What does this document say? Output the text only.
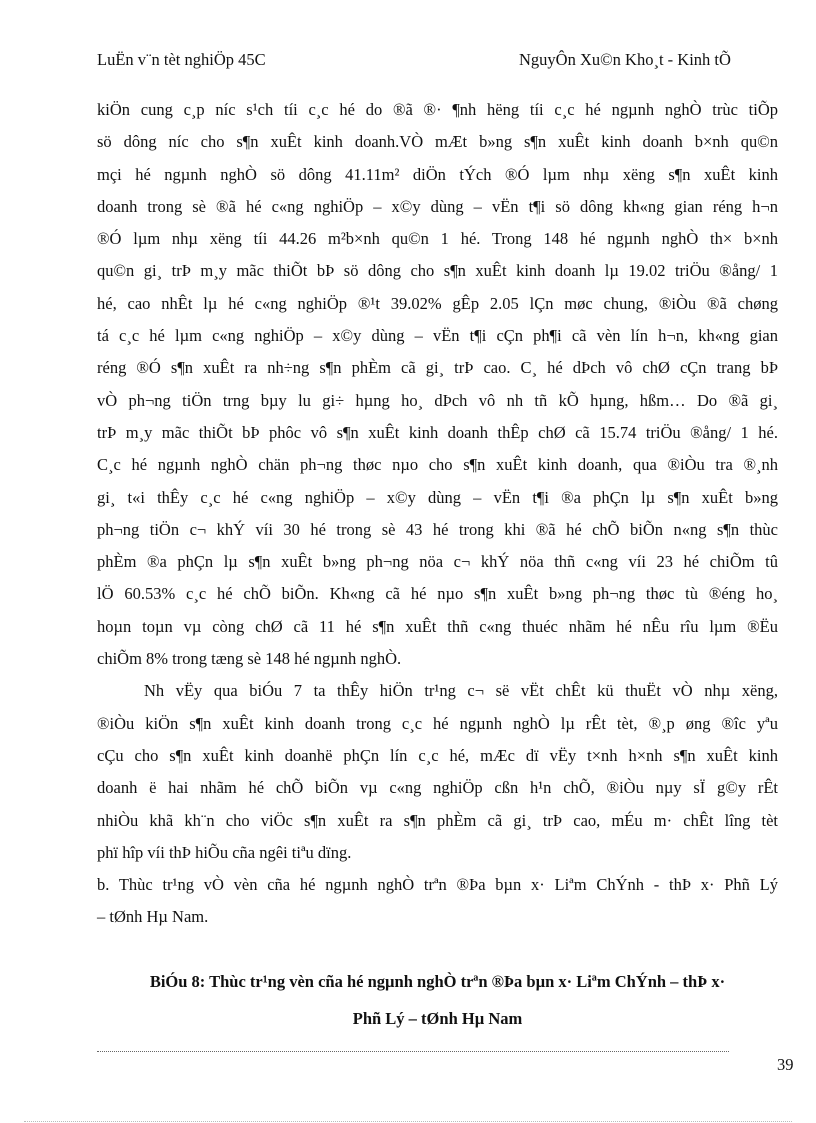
LuËn v¨n tèt nghiÖp 45C	NguyÔn Xu©n Kho¸t - Kinh tÕ

kiÖn cung c¸p níc s¹ch tíi c¸c hé do ®ã ®· ¶nh hëng tíi c¸c hé ngµnh nghÒ trùc tiÕp
sö dông níc cho s¶n xuÊt kinh doanh.VÒ mÆt b»ng s¶n xuÊt kinh doanh b×nh qu©n
mçi hé ngµnh nghÒ sö dông 41.11m² diÖn tÝch ®Ó lµm nhµ xëng s¶n xuÊt kinh
doanh trong sè ®ã hé c«ng nghiÖp – x©y dùng – vËn t¶i sö dông kh«ng gian réng h¬n
®Ó lµm nhµ xëng tíi 44.26 m²b×nh qu©n 1 hé. Trong 148 hé ngµnh nghÒ th× b×nh
qu©n gi¸ trÞ m¸y mãc thiÕt bÞ sö dông cho s¶n xuÊt kinh doanh lµ 19.02 triÖu ®ång/ 1
hé, cao nhÊt lµ hé c«ng nghiÖp ®¹t 39.02% gÊp 2.05 lÇn møc chung, ®iÒu ®ã chøng
tá c¸c hé lµm c«ng nghiÖp – x©y dùng – vËn t¶i cÇn ph¶i cã vèn lín h¬n, kh«ng gian
réng ®Ó s¶n xuÊt ra nh÷ng s¶n phÈm cã gi¸ trÞ cao. C¸ hé dÞch vô chØ cÇn trang bÞ
vÒ ph¬ng tiÖn trng bµy lu gi÷ hµng ho¸ dÞch vô nh tñ kÕ hµng, hßm… Do ®ã gi¸
trÞ m¸y mãc thiÕt bÞ phôc vô s¶n xuÊt kinh doanh thÊp chØ cã 15.74 triÖu ®ång/ 1 hé.
C¸c hé ngµnh nghÒ chän ph¬ng thøc nµo cho s¶n xuÊt kinh doanh, qua ®iÒu tra ®¸nh
gi¸ t«i thÊy c¸c hé c«ng nghiÖp – x©y dùng – vËn t¶i ®a phÇn lµ s¶n xuÊt b»ng
ph¬ng tiÖn c¬ khÝ víi 30 hé trong sè 43 hé trong khi ®ã hé chÕ biÕn n«ng s¶n thùc
phÈm ®a phÇn lµ s¶n xuÊt b»ng ph¬ng nöa c¬ khÝ nöa thñ c«ng víi 23 hé chiÕm tû
lÖ 60.53% c¸c hé chÕ biÕn. Kh«ng cã hé nµo s¶n xuÊt b»ng ph¬ng thøc tù ®éng ho¸
hoµn toµn vµ còng chØ cã 11 hé s¶n xuÊt thñ c«ng thuéc nhãm hé nÊu rîu lµm ®Ëu
chiÕm 8% trong tæng sè 148 hé ngµnh nghÒ.

Nh vËy qua biÓu 7 ta thÊy hiÖn tr¹ng c¬ së vËt chÊt kü thuËt vÒ nhµ xëng,
®iÒu kiÖn s¶n xuÊt kinh doanh trong c¸c hé ngµnh nghÒ lµ rÊt tèt, ®¸p øng ®îc yªu
cÇu cho s¶n xuÊt kinh doanhë phÇn lín c¸c hé, mÆc dï vËy t×nh h×nh s¶n xuÊt kinh
doanh ë hai nhãm hé chÕ biÕn vµ c«ng nghiÖp cßn h¹n chÕ, ®iÒu nµy sÏ g©y rÊt
nhiÒu khã kh¨n cho viÖc s¶n xuÊt ra s¶n phÈm cã gi¸ trÞ cao, mÉu m· chÊt lîng tèt
phï hîp víi thÞ hiÕu cña ngêi tiªu dïng.

b. Thùc tr¹ng vÒ vèn cña hé ngµnh nghÒ trªn ®Þa bµn x· Liªm ChÝnh - thÞ x· Phñ Lý
– tØnh Hµ Nam.

BiÓu 8: Thùc tr¹ng vèn cña hé ngµnh nghÒ trªn ®Þa bµn x· Liªm ChÝnh – thÞ x·
Phñ Lý – tØnh Hµ Nam
39
